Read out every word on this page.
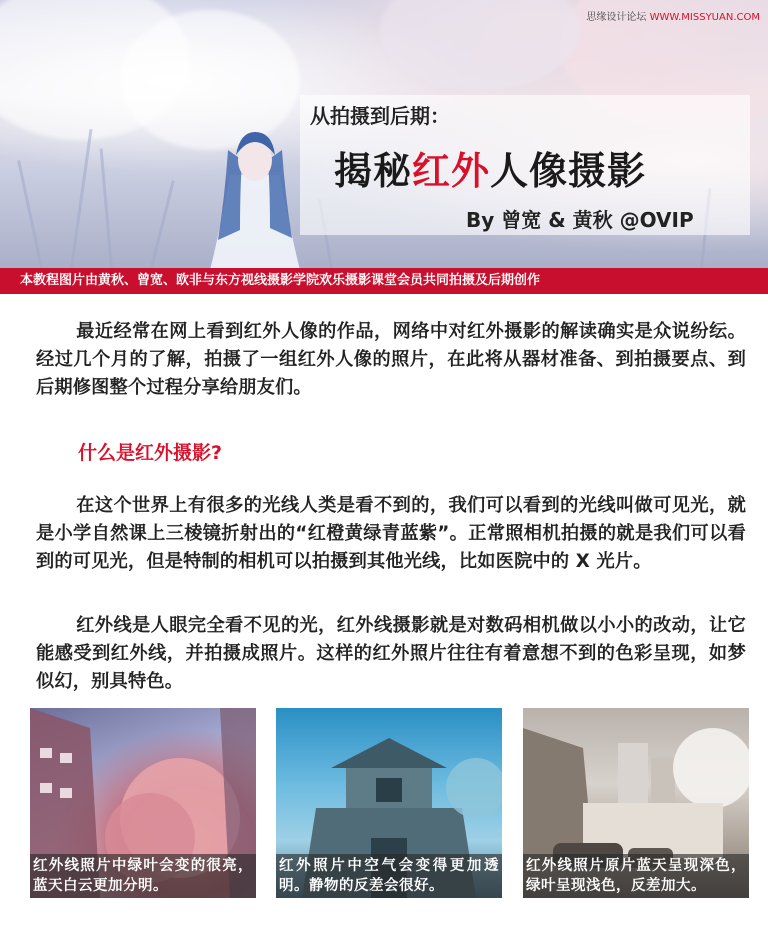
从拍摄到后期：
揭秘红外人像摄影
By 曾宽 & 黄秋 @OVIP
思缘设计论坛 WWW.MISSYUAN.COM
本教程图片由黄秋、曾宽、欧非与东方视线摄影学院欢乐摄影课堂会员共同拍摄及后期创作
最近经常在网上看到红外人像的作品，网络中对红外摄影的解读确实是众说纷纭。经过几个月的了解，拍摄了一组红外人像的照片，在此将从器材准备、到拍摄要点、到后期修图整个过程分享给朋友们。
什么是红外摄影?
在这个世界上有很多的光线人类是看不到的，我们可以看到的光线叫做可见光，就是小学自然课上三棱镜折射出的“红橙黄绿青蓝紫”。正常照相机拍摄的就是我们可以看到的可见光，但是特制的相机可以拍摄到其他光线，比如医院中的 X 光片。
红外线是人眼完全看不见的光，红外线摄影就是对数码相机做以小小的改动，让它能感受到红外线，并拍摄成照片。这样的红外照片往往有着意想不到的色彩呈现，如梦似幻，别具特色。
红外线照片中绿叶会变的很亮，蓝天白云更加分明。
红外照片中空气会变得更加透明。静物的反差会很好。
红外线照片原片蓝天呈现深色，绿叶呈现浅色，反差加大。
